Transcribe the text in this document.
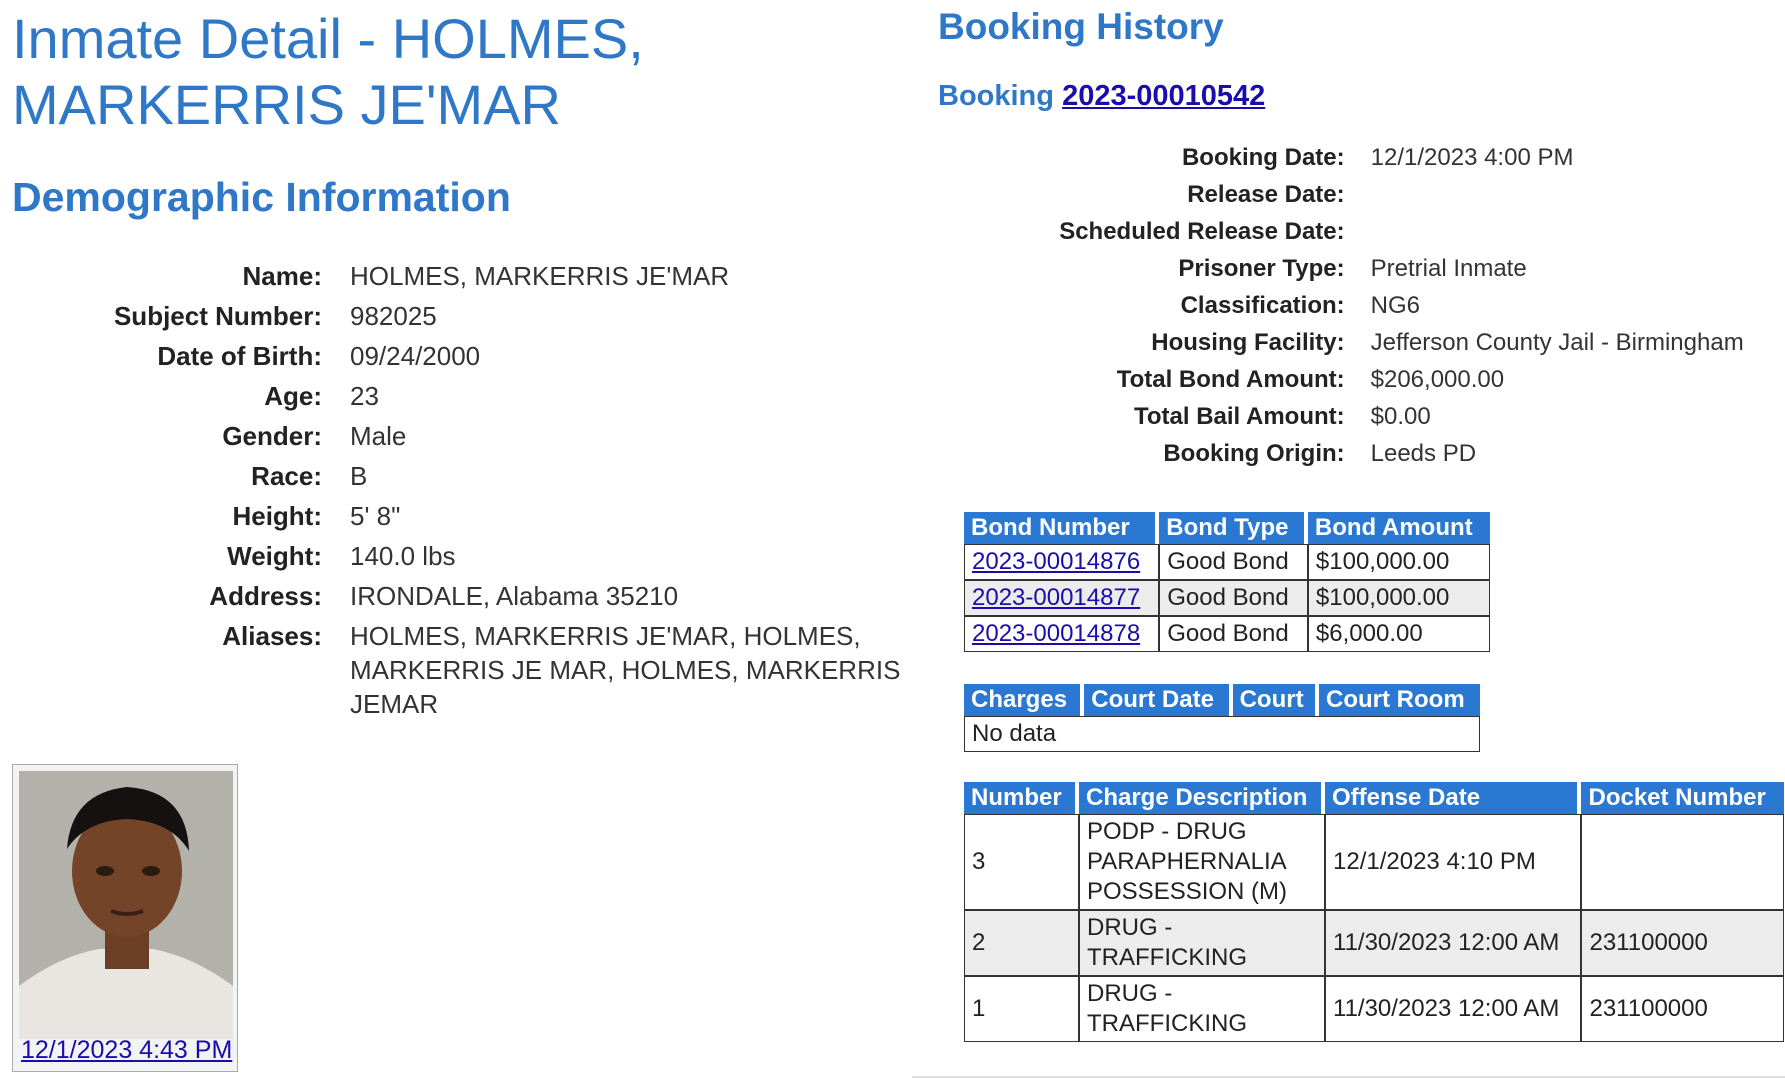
Inmate Detail - HOLMES, MARKERRIS JE'MAR
Demographic Information
Name:	HOLMES, MARKERRIS JE'MAR
Subject Number:	982025
Date of Birth:	09/24/2000
Age:	23
Gender:	Male
Race:	B
Height:	5' 8"
Weight:	140.0 lbs
Address:	IRONDALE, Alabama 35210
Aliases:	HOLMES, MARKERRIS JE'MAR, HOLMES, MARKERRIS JE MAR, HOLMES, MARKERRIS JEMAR
12/1/2023 4:43 PM
Booking History
Booking 2023-00010542
Booking Date:	12/1/2023 4:00 PM
Release Date:	
Scheduled Release Date:	
Prisoner Type:	Pretrial Inmate
Classification:	NG6
Housing Facility:	Jefferson County Jail - Birmingham
Total Bond Amount:	$206,000.00
Total Bail Amount:	$0.00
Booking Origin:	Leeds PD
Bond Number	Bond Type	Bond Amount
2023-00014876	Good Bond	$100,000.00
2023-00014877	Good Bond	$100,000.00
2023-00014878	Good Bond	$6,000.00
Charges	Court Date	Court	Court Room
No data
Number	Charge Description	Offense Date	Docket Number
3	PODP - DRUG PARAPHERNALIA POSSESSION (M)	12/1/2023 4:10 PM	
2	DRUG - TRAFFICKING	11/30/2023 12:00 AM	231100000
1	DRUG - TRAFFICKING	11/30/2023 12:00 AM	231100000
